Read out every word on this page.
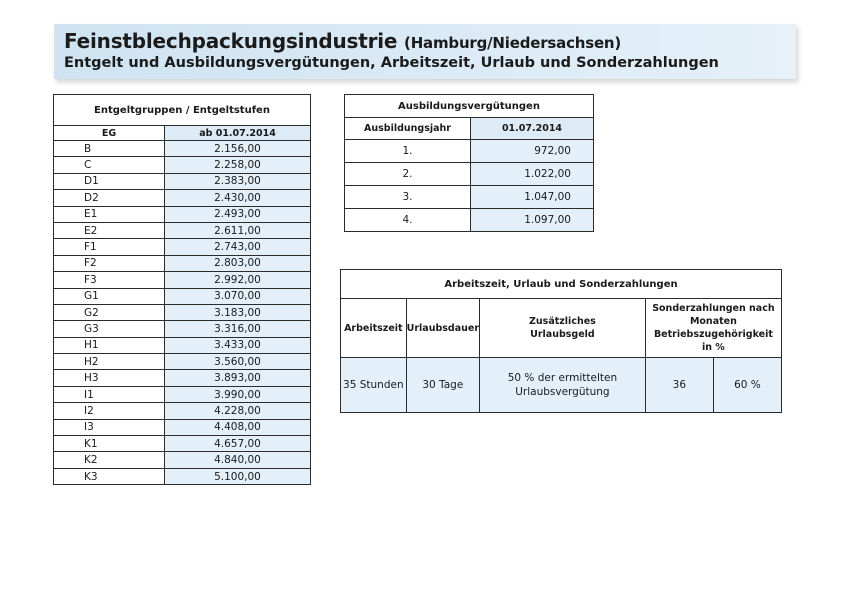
Feinstblechpackungsindustrie (Hamburg/Niedersachsen)
Entgelt und Ausbildungsvergütungen, Arbeitszeit, Urlaub und Sonderzahlungen
Entgeltgruppen / Entgeltstufen	
EG	ab 01.07.2014
B	2.156,00
C	2.258,00
D1	2.383,00
D2	2.430,00
E1	2.493,00
E2	2.611,00
F1	2.743,00
F2	2.803,00
F3	2.992,00
G1	3.070,00
G2	3.183,00
G3	3.316,00
H1	3.433,00
H2	3.560,00
H3	3.893,00
I1	3.990,00
I2	4.228,00
I3	4.408,00
K1	4.657,00
K2	4.840,00
K3	5.100,00
Ausbildungsvergütungen	
Ausbildungsjahr	01.07.2014
1.	972,00
2.	1.022,00
3.	1.047,00
4.	1.097,00
Arbeitszeit, Urlaub und Sonderzahlungen				
Arbeitszeit	Urlaubsdauer	Zusätzliches Urlaubsgeld	Sonderzahlungen nach Monaten Betriebszugehörigkeit in %	
35 Stunden	30 Tage	50 % der ermittelten Urlaubsvergütung	36	60 %
